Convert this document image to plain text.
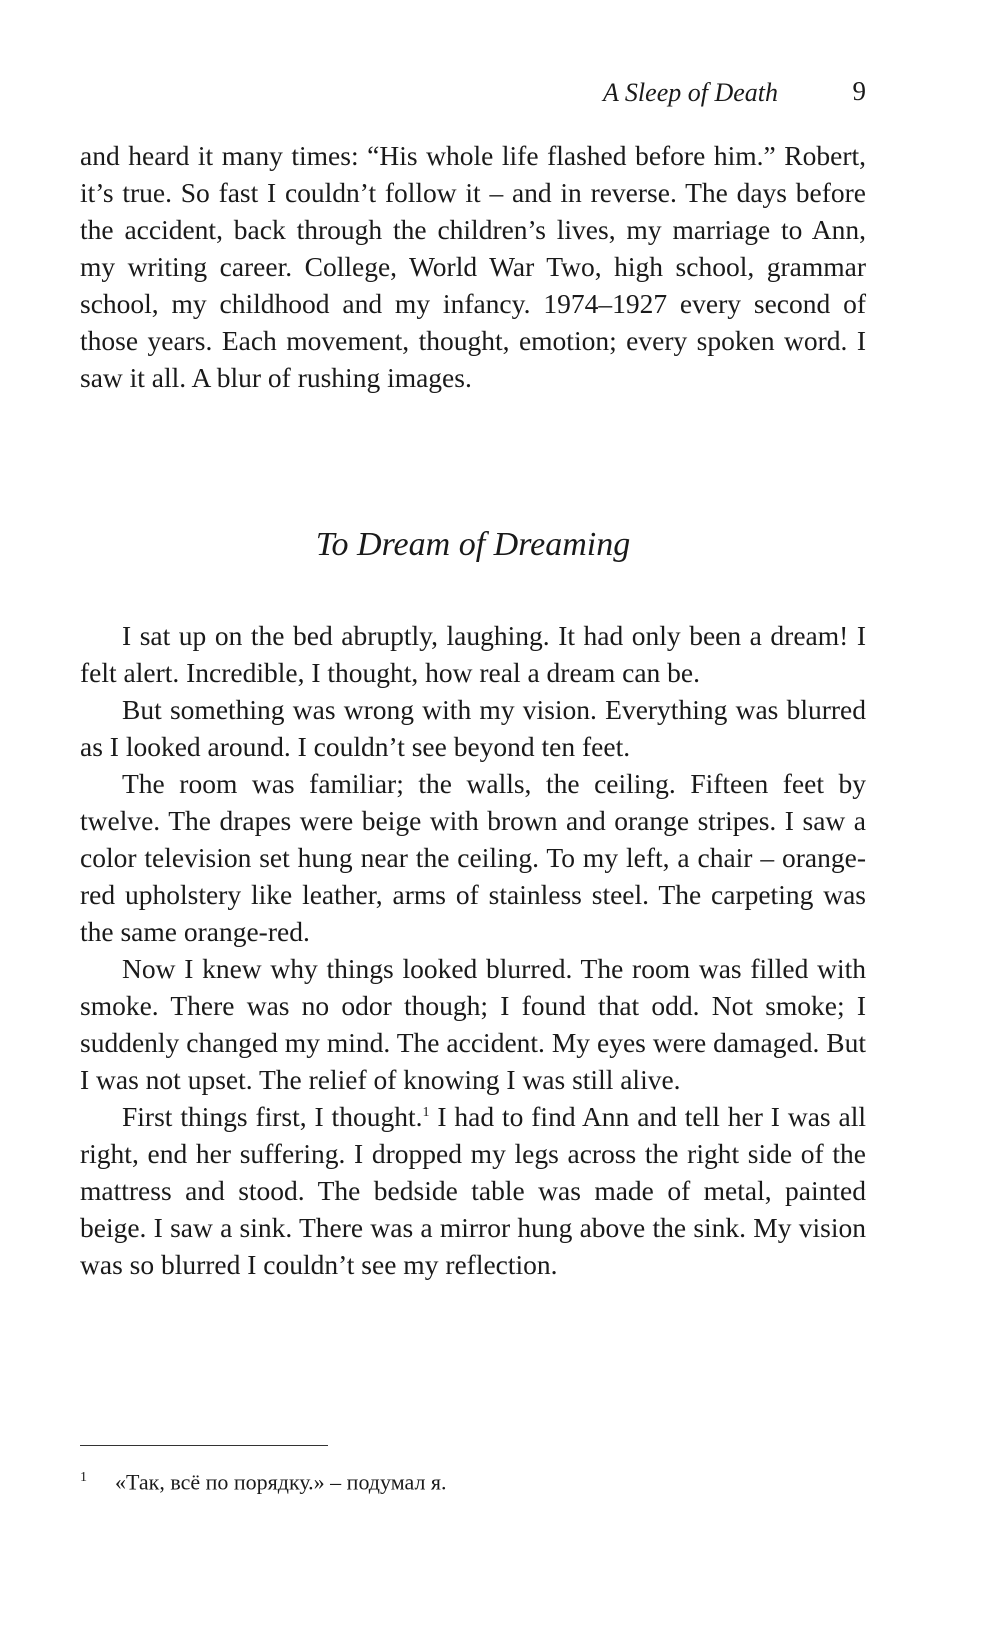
A Sleep of Death	9

and heard it many times: “His whole life flashed before him.” Robert, it’s true. So fast I couldn’t follow it – and in reverse. The days before the accident, back through the children’s lives, my marriage to Ann, my writing career. College, World War Two, high school, grammar school, my childhood and my infancy. 1974–1927 every second of those years. Each movement, thought, emotion; every spoken word. I saw it all. A blur of rushing images.

To Dream of Dreaming

I sat up on the bed abruptly, laughing. It had only been a dream! I felt alert. Incredible, I thought, how real a dream can be.

But something was wrong with my vision. Everything was blurred as I looked around. I couldn’t see beyond ten feet.

The room was familiar; the walls, the ceiling. Fifteen feet by twelve. The drapes were beige with brown and orange stripes. I saw a color television set hung near the ceiling. To my left, a chair – orange-red upholstery like leather, arms of stainless steel. The carpeting was the same orange-red.

Now I knew why things looked blurred. The room was filled with smoke. There was no odor though; I found that odd. Not smoke; I suddenly changed my mind. The accident. My eyes were damaged. But I was not upset. The relief of knowing I was still alive.

First things first, I thought.$^1$ I had to find Ann and tell her I was all right, end her suffering. I dropped my legs across the right side of the mattress and stood. The bedside table was made of metal, painted beige. I saw a sink. There was a mirror hung above the sink. My vision was so blurred I couldn’t see my reflection.

$^1$ «Так, всё по порядку.» – подумал я.
